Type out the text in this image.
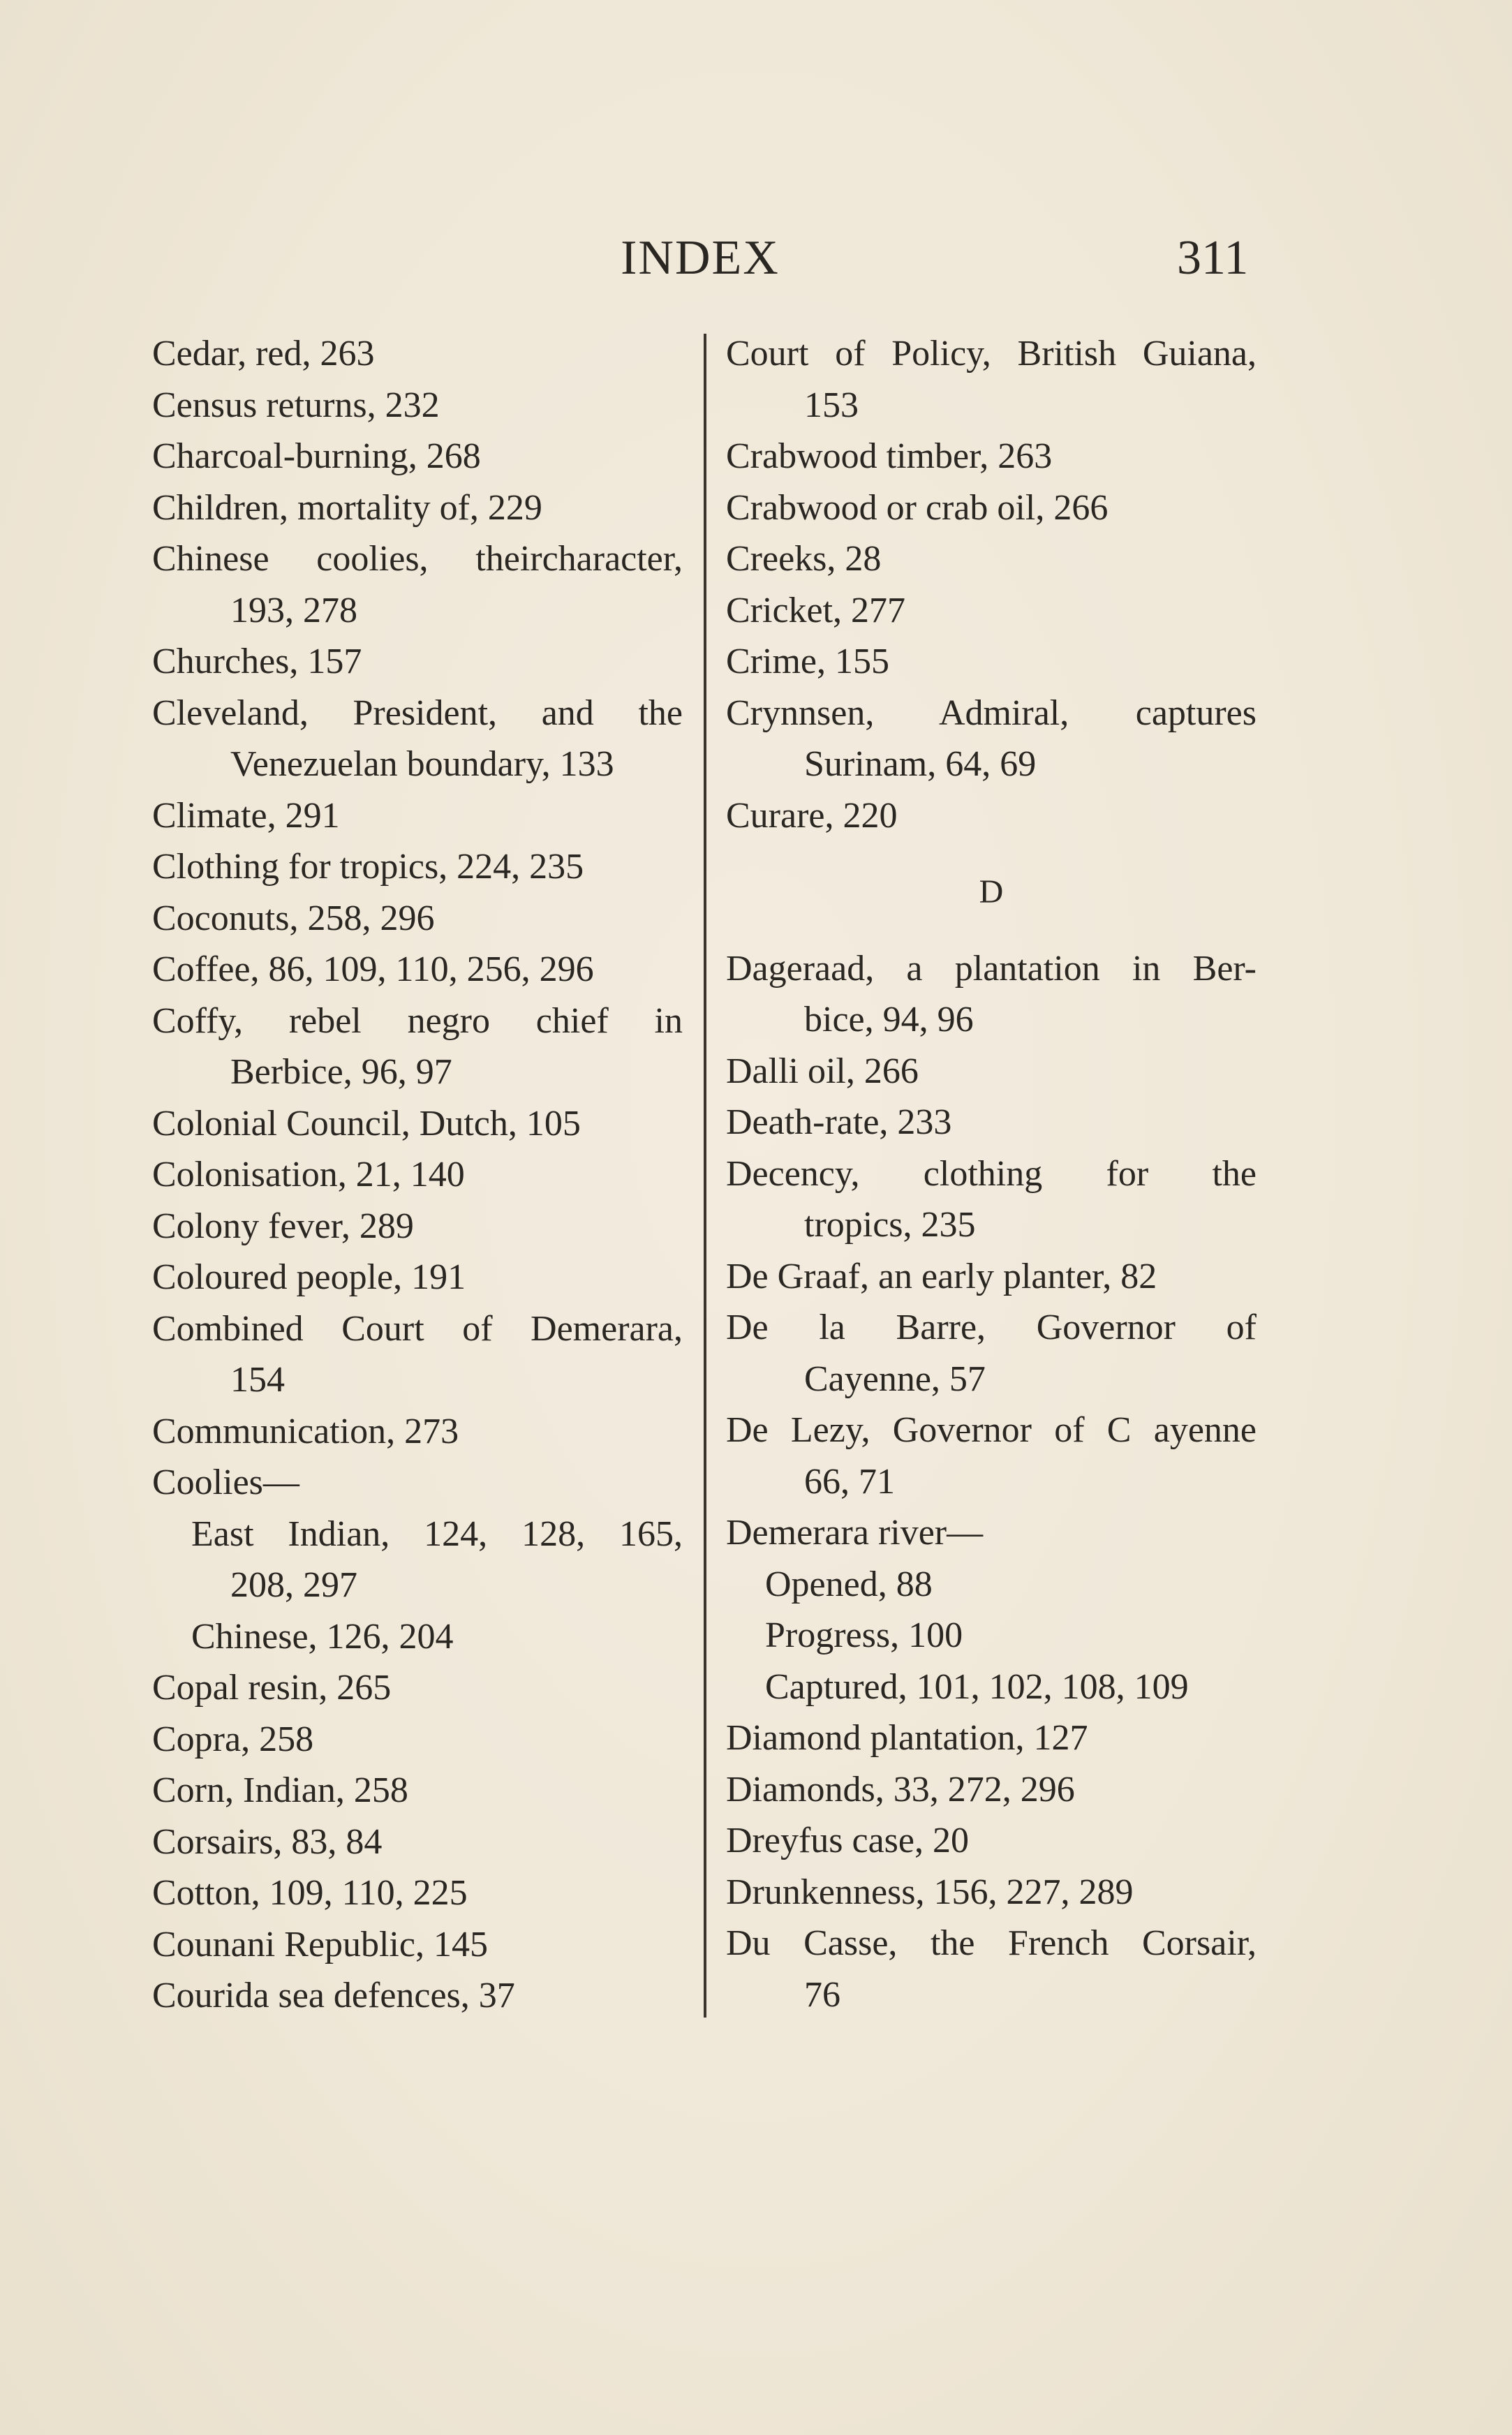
INDEX	311
Cedar, red, 263
Census returns, 232
Charcoal-burning, 268
Children, mortality of, 229
Chinese coolies, theircharacter,
193, 278
Churches, 157
Cleveland, President, and the
Venezuelan boundary, 133
Climate, 291
Clothing for tropics, 224, 235
Coconuts, 258, 296
Coffee, 86, 109, 110, 256, 296
Coffy, rebel negro chief in
Berbice, 96, 97
Colonial Council, Dutch, 105
Colonisation, 21, 140
Colony fever, 289
Coloured people, 191
Combined Court of Demerara,
154
Communication, 273
Coolies—
East Indian, 124, 128, 165,
208, 297
Chinese, 126, 204
Copal resin, 265
Copra, 258
Corn, Indian, 258
Corsairs, 83, 84
Cotton, 109, 110, 225
Counani Republic, 145
Courida sea defences, 37
Court of Policy, British Guiana,
153
Crabwood timber, 263
Crabwood or crab oil, 266
Creeks, 28
Cricket, 277
Crime, 155
Crynnsen, Admiral, captures
Surinam, 64, 69
Curare, 220
D
Dageraad, a plantation in Ber-
bice, 94, 96
Dalli oil, 266
Death-rate, 233
Decency, clothing for the
tropics, 235
De Graaf, an early planter, 82
De la Barre, Governor of
Cayenne, 57
De Lezy, Governor of C ayenne
66, 71
Demerara river—
Opened, 88
Progress, 100
Captured, 101, 102, 108, 109
Diamond plantation, 127
Diamonds, 33, 272, 296
Dreyfus case, 20
Drunkenness, 156, 227, 289
Du Casse, the French Corsair,
76
